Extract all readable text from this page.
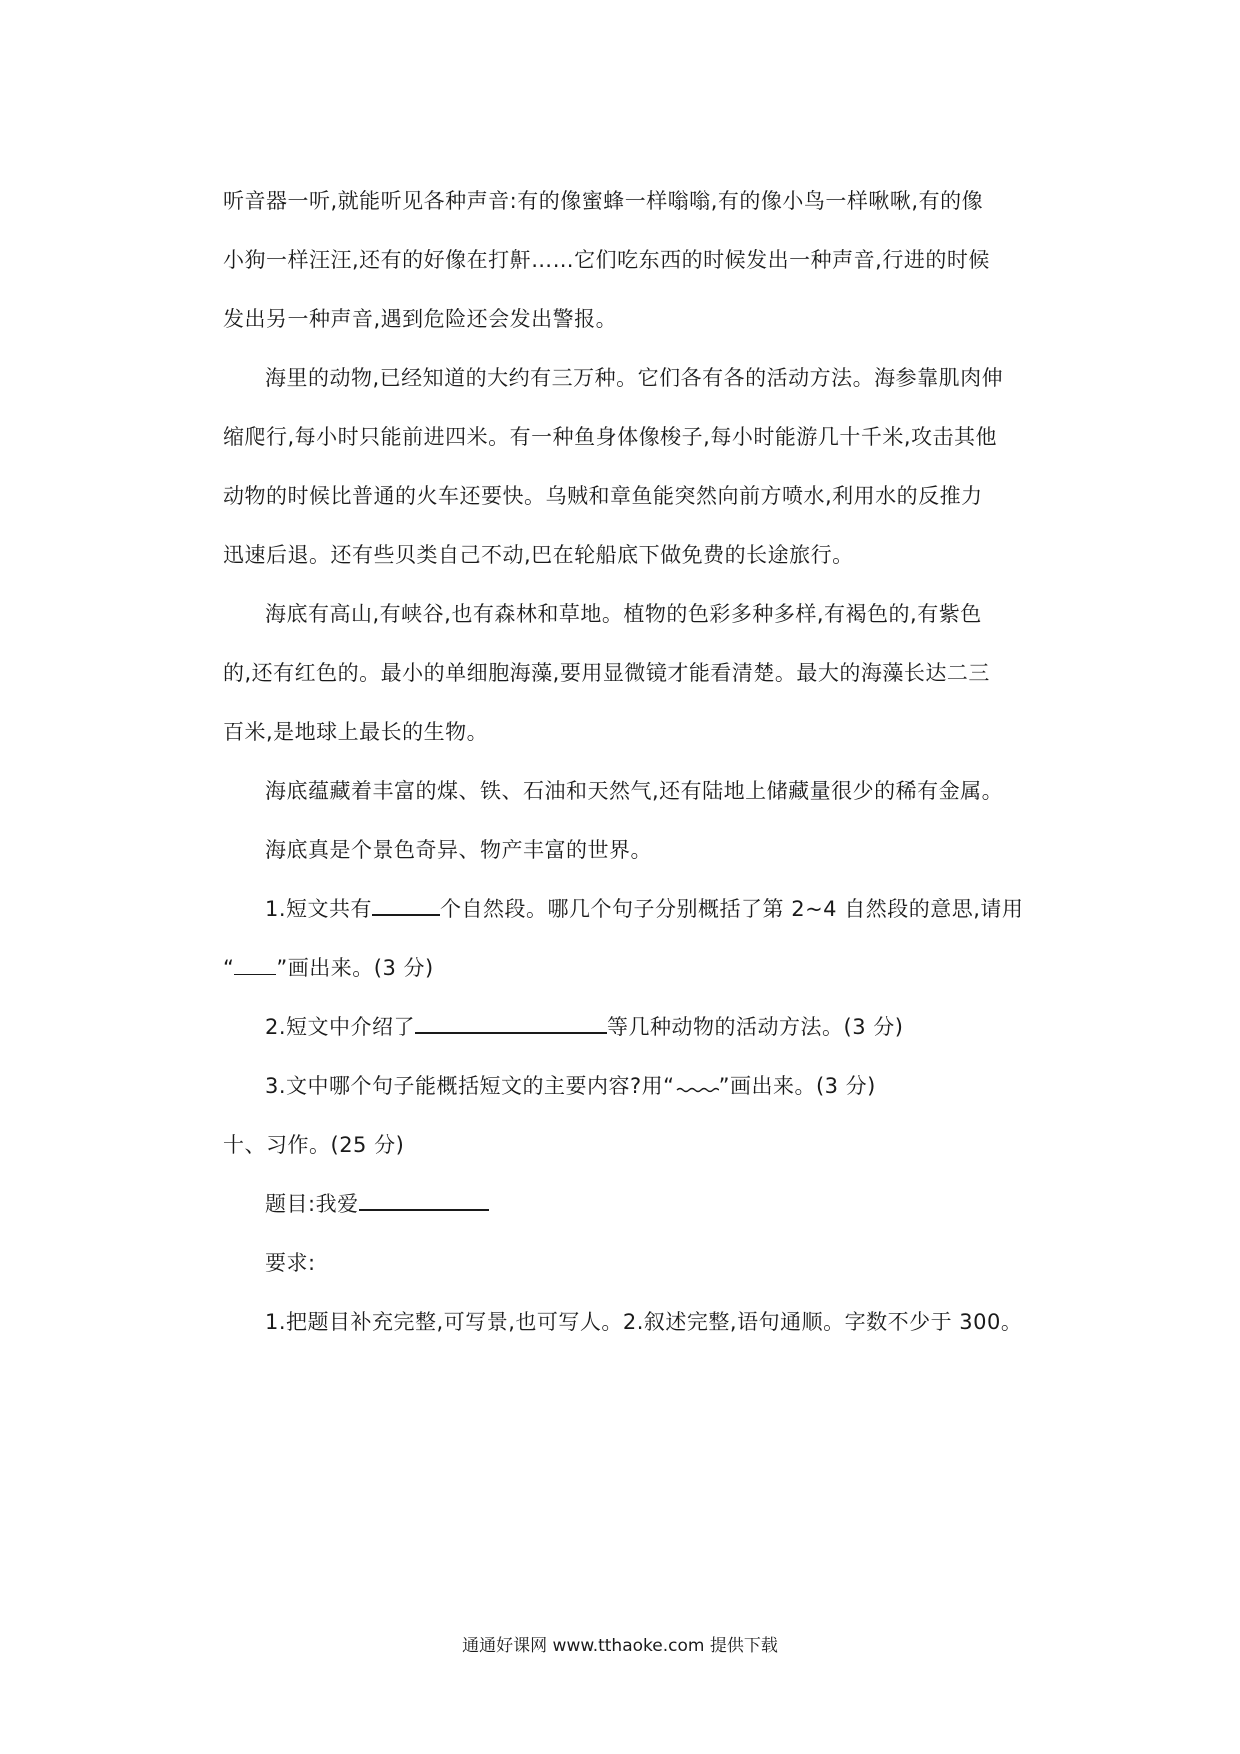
听音器一听,就能听见各种声音:有的像蜜蜂一样嗡嗡,有的像小鸟一样啾啾,有的像
小狗一样汪汪,还有的好像在打鼾……它们吃东西的时候发出一种声音,行进的时候
发出另一种声音,遇到危险还会发出警报。
海里的动物,已经知道的大约有三万种。它们各有各的活动方法。海参靠肌肉伸
缩爬行,每小时只能前进四米。有一种鱼身体像梭子,每小时能游几十千米,攻击其他
动物的时候比普通的火车还要快。乌贼和章鱼能突然向前方喷水,利用水的反推力
迅速后退。还有些贝类自己不动,巴在轮船底下做免费的长途旅行。
海底有高山,有峡谷,也有森林和草地。植物的色彩多种多样,有褐色的,有紫色
的,还有红色的。最小的单细胞海藻,要用显微镜才能看清楚。最大的海藻长达二三
百米,是地球上最长的生物。
海底蕴藏着丰富的煤、铁、石油和天然气,还有陆地上储藏量很少的稀有金属。
海底真是个景色奇异、物产丰富的世界。
1.短文共有	个自然段。哪几个句子分别概括了第 2~4 自然段的意思,请用
“ ”画出来。(3 分)
2.短文中介绍了	等几种动物的活动方法。(3 分)
3.文中哪个句子能概括短文的主要内容?用“ ”画出来。(3 分)
十、习作。(25 分)
题目:我爱
要求:
1.把题目补充完整,可写景,也可写人。2.叙述完整,语句通顺。字数不少于 300。
通通好课网 www.tthaoke.com 提供下载
